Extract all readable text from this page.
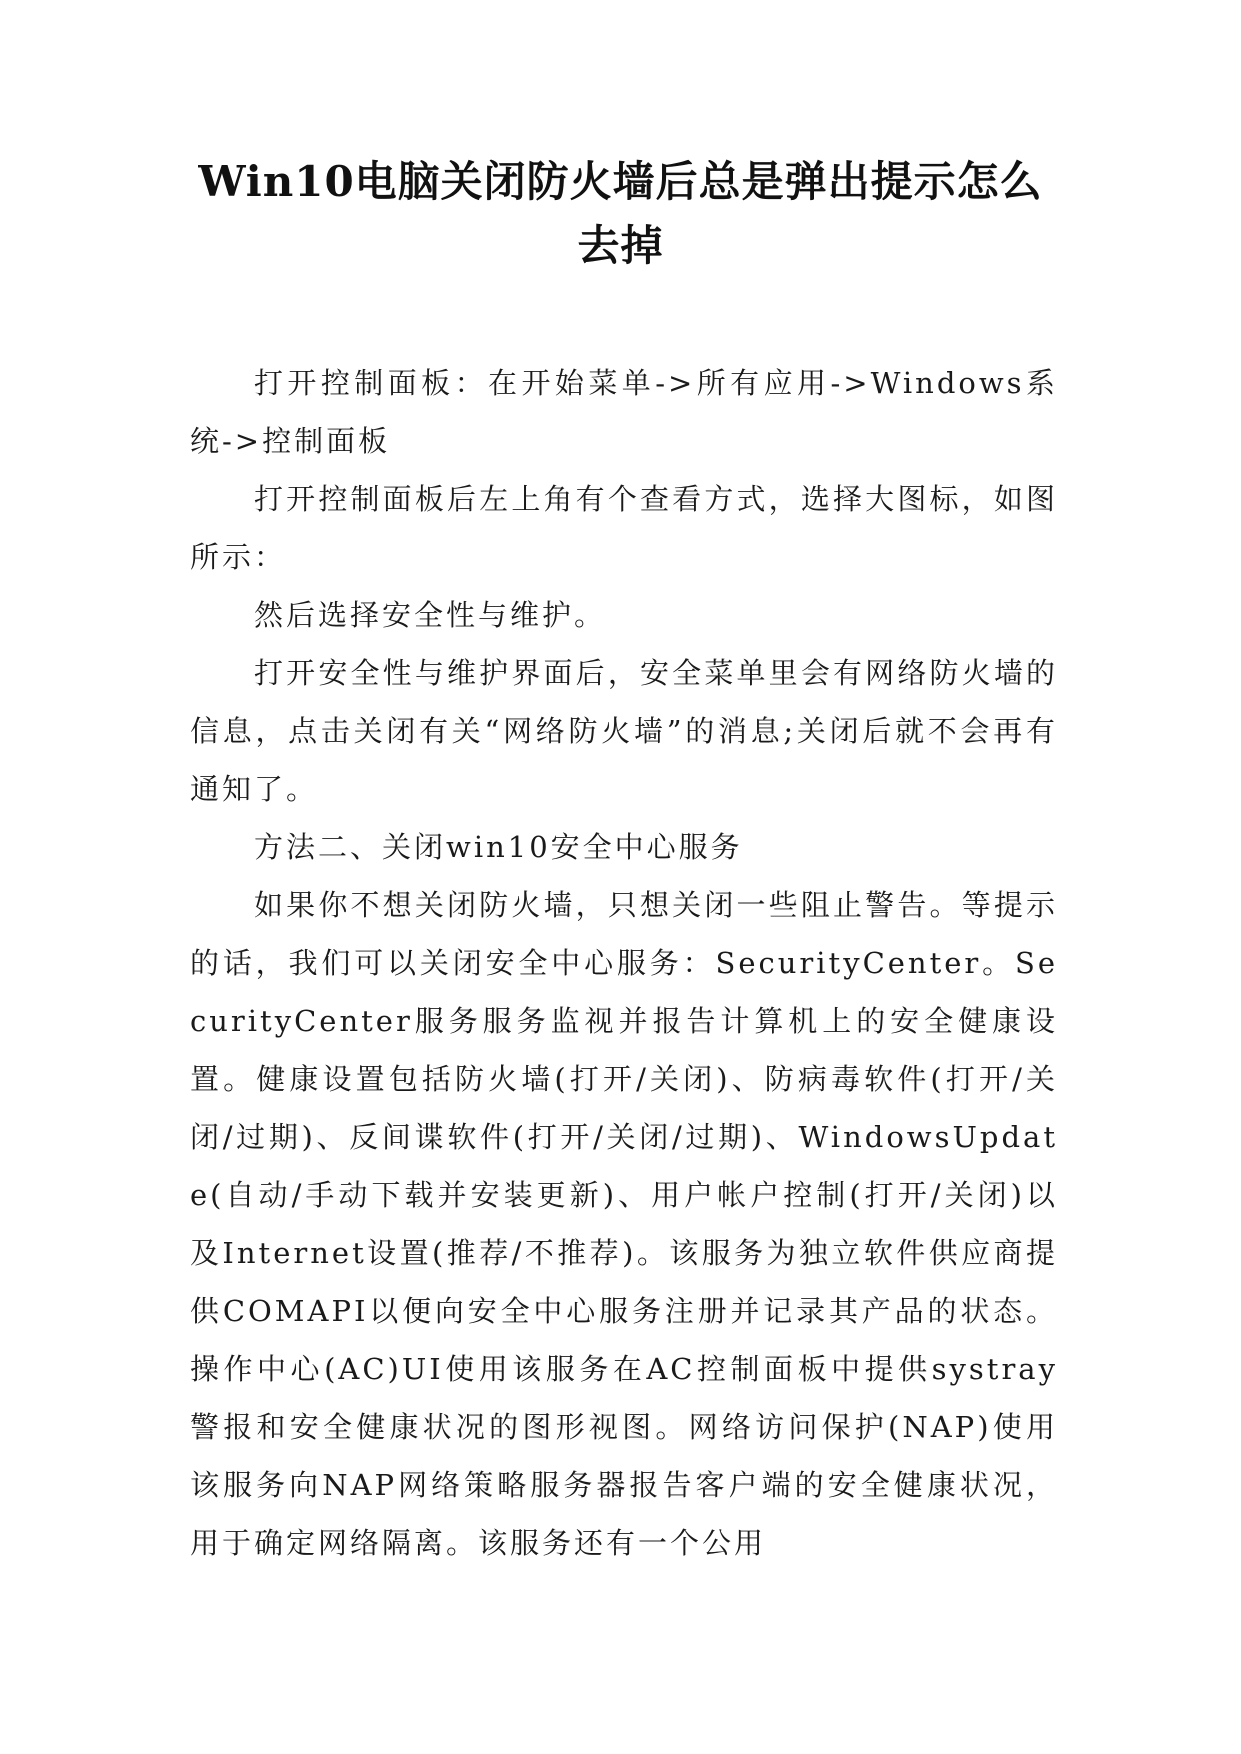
Win10电脑关闭防火墙后总是弹出提示怎么去掉

打开控制面板：在开始菜单->所有应用->Windows系统->控制面板

打开控制面板后左上角有个查看方式，选择大图标，如图所示：

然后选择安全性与维护。

打开安全性与维护界面后，安全菜单里会有网络防火墙的信息，点击关闭有关“网络防火墙”的消息;关闭后就不会再有通知了。

方法二、关闭win10安全中心服务

如果你不想关闭防火墙，只想关闭一些阻止警告。等提示的话，我们可以关闭安全中心服务：SecurityCenter。SecurityCenter服务服务监视并报告计算机上的安全健康设置。健康设置包括防火墙(打开/关闭)、防病毒软件(打开/关闭/过期)、反间谍软件(打开/关闭/过期)、WindowsUpdate(自动/手动下载并安装更新)、用户帐户控制(打开/关闭)以及Internet设置(推荐/不推荐)。该服务为独立软件供应商提供COMAPI以便向安全中心服务注册并记录其产品的状态。操作中心(AC)UI使用该服务在AC控制面板中提供systray警报和安全健康状况的图形视图。网络访问保护(NAP)使用该服务向NAP网络策略服务器报告客户端的安全健康状况，用于确定网络隔离。该服务还有一个公用
